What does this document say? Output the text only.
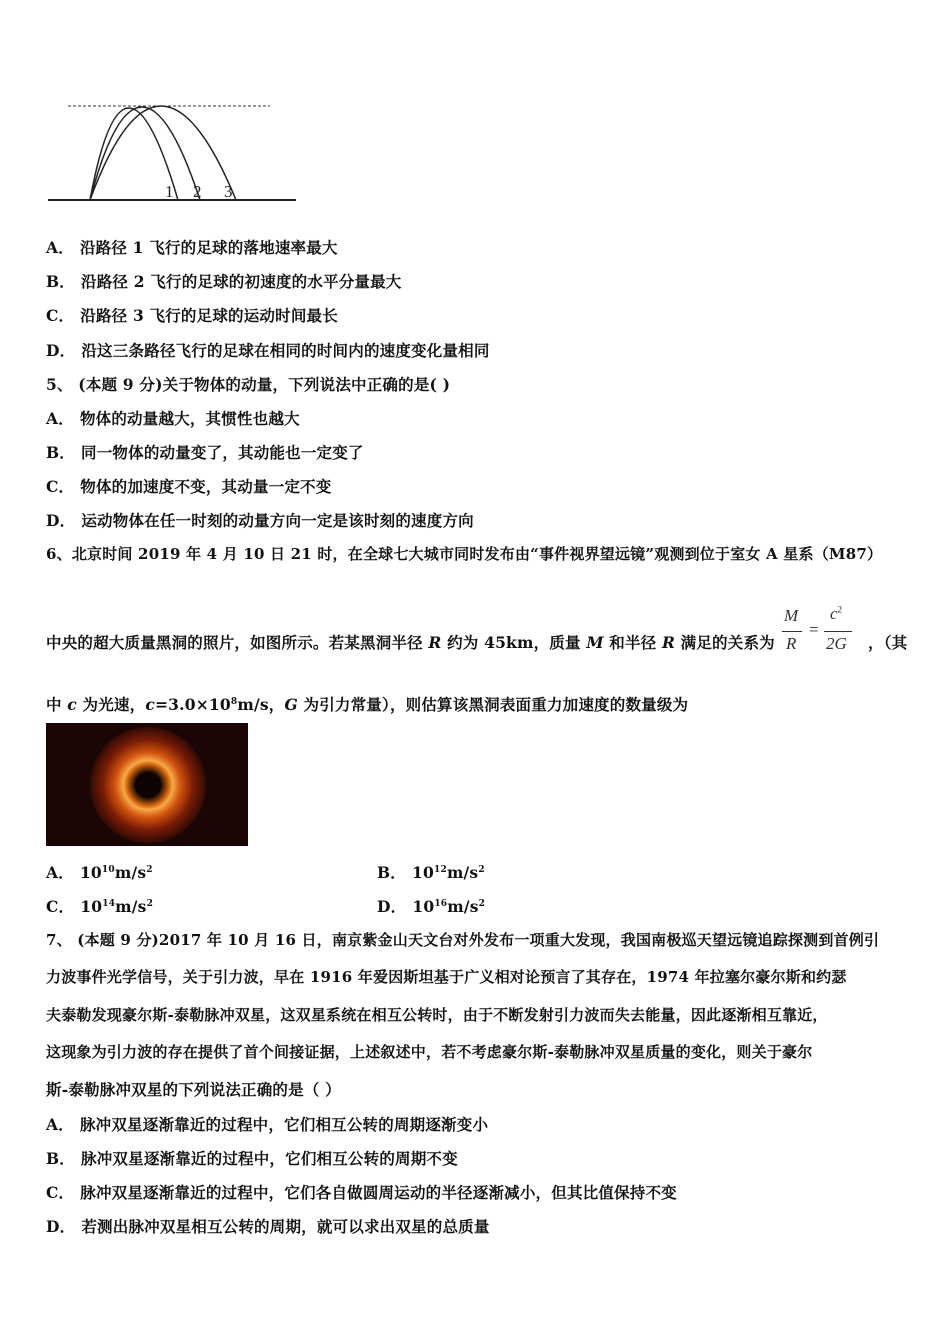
1 2 3
A． 沿路径 1 飞行的足球的落地速率最大
B． 沿路径 2 飞行的足球的初速度的水平分量最大
C． 沿路径 3 飞行的足球的运动时间最长
D． 沿这三条路径飞行的足球在相同的时间内的速度变化量相同
5、 (本题 9 分)关于物体的动量，下列说法中正确的是( )
A． 物体的动量越大，其惯性也越大
B． 同一物体的动量变了，其动能也一定变了
C． 物体的加速度不变，其动量一定不变
D． 运动物体在任一时刻的动量方向一定是该时刻的速度方向
6、北京时间 2019 年 4 月 10 日 21 时，在全球七大城市同时发布由“事件视界望远镜”观测到位于室女 A 星系（M87）
中央的超大质量黑洞的照片，如图所示。若某黑洞半径 R 约为 45km，质量 M 和半径 R 满足的关系为
M
R
=
$c^2$
2G ，（其
中 c 为光速，$c=3.0\times 10^8m/s$，G 为引力常量），则估算该黑洞表面重力加速度的数量级为
A． $10^{10}m/s^2$	B． $10^{12}m/s^2$
C． $10^{14}m/s^2$	D． $10^{16}m/s^2$
7、 (本题 9 分)2017 年 10 月 16 日，南京紫金山天文台对外发布一项重大发现，我国南极巡天望远镜追踪探测到首例引
力波事件光学信号，关于引力波，早在 1916 年爱因斯坦基于广义相对论预言了其存在，1974 年拉塞尔豪尔斯和约瑟
夫泰勒发现豪尔斯-泰勒脉冲双星，这双星系统在相互公转时，由于不断发射引力波而失去能量，因此逐渐相互靠近，
这现象为引力波的存在提供了首个间接证据，上述叙述中，若不考虑豪尔斯-泰勒脉冲双星质量的变化，则关于豪尔
斯-泰勒脉冲双星的下列说法正确的是（ ）
A． 脉冲双星逐渐靠近的过程中，它们相互公转的周期逐渐变小
B． 脉冲双星逐渐靠近的过程中，它们相互公转的周期不变
C． 脉冲双星逐渐靠近的过程中，它们各自做圆周运动的半径逐渐减小，但其比值保持不变
D． 若测出脉冲双星相互公转的周期，就可以求出双星的总质量
